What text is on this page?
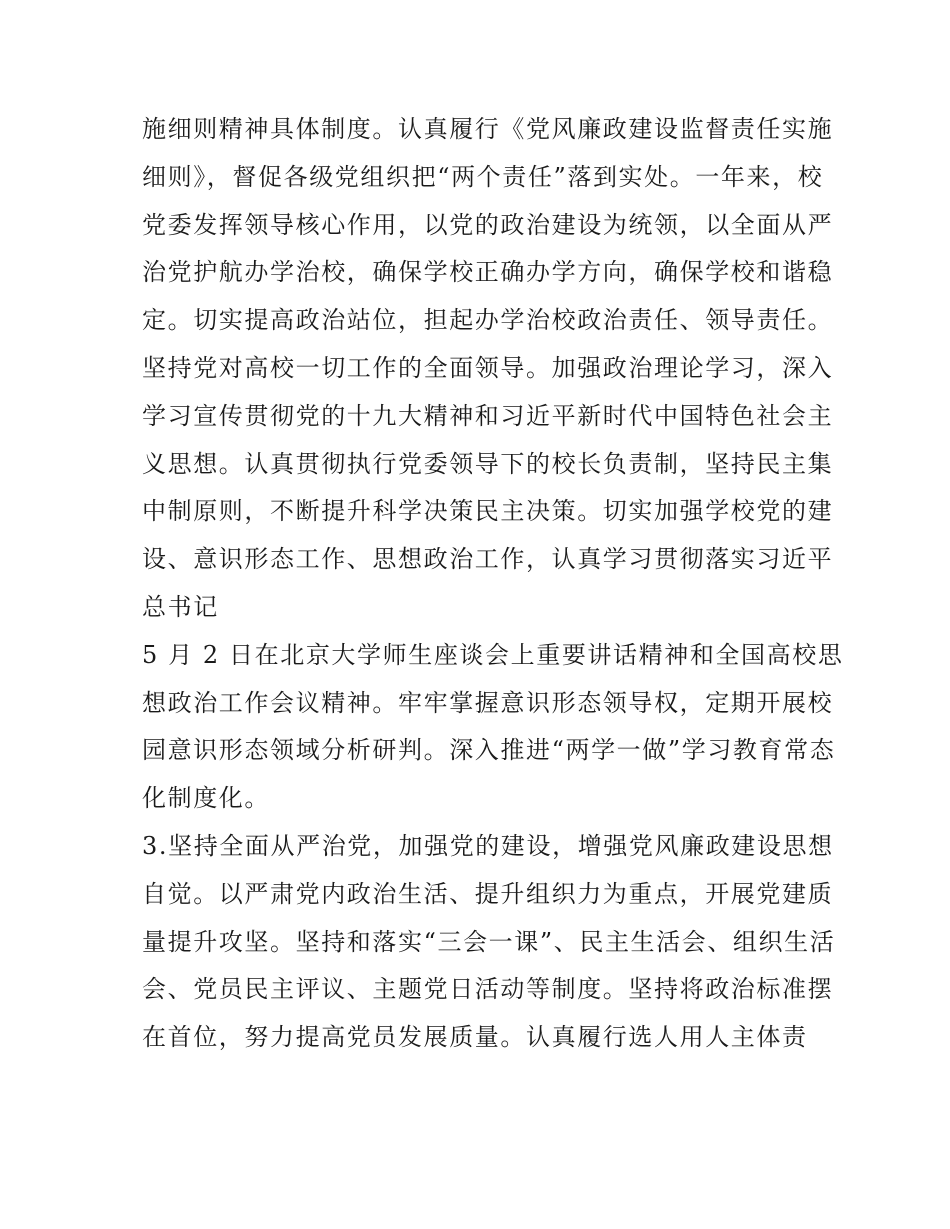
施细则精神具体制度。认真履行《党风廉政建设监督责任实施
细则》，督促各级党组织把“两个责任”落到实处。一年来，校
党委发挥领导核心作用，以党的政治建设为统领，以全面从严
治党护航办学治校，确保学校正确办学方向，确保学校和谐稳
定。切实提高政治站位，担起办学治校政治责任、领导责任。
坚持党对高校一切工作的全面领导。加强政治理论学习，深入
学习宣传贯彻党的十九大精神和习近平新时代中国特色社会主
义思想。认真贯彻执行党委领导下的校长负责制，坚持民主集
中制原则，不断提升科学决策民主决策。切实加强学校党的建
设、意识形态工作、思想政治工作，认真学习贯彻落实习近平
总书记
5 月 2 日在北京大学师生座谈会上重要讲话精神和全国高校思
想政治工作会议精神。牢牢掌握意识形态领导权，定期开展校
园意识形态领域分析研判。深入推进“两学一做”学习教育常态
化制度化。
3.坚持全面从严治党，加强党的建设，增强党风廉政建设思想
自觉。以严肃党内政治生活、提升组织力为重点，开展党建质
量提升攻坚。坚持和落实“三会一课”、民主生活会、组织生活
会、党员民主评议、主题党日活动等制度。坚持将政治标准摆
在首位，努力提高党员发展质量。认真履行选人用人主体责
